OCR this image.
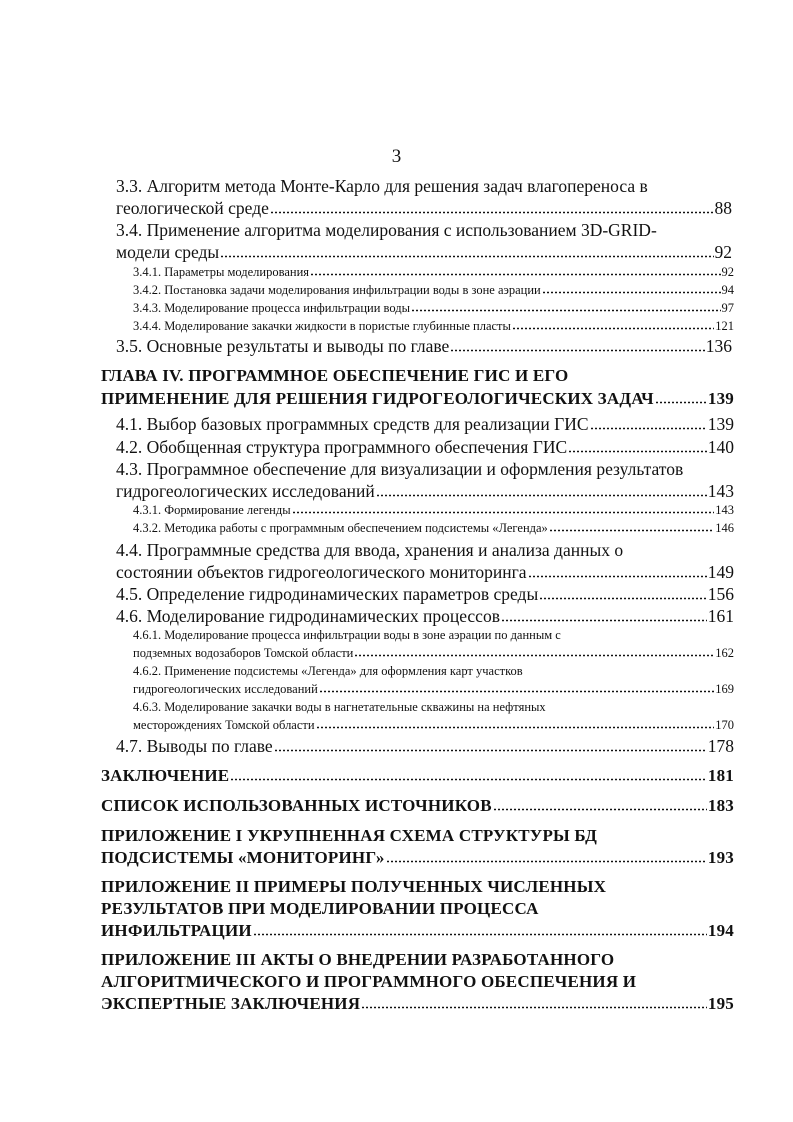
3
3.3. Алгоритм метода Монте-Карло для решения задач влагопереноса в
геологической среде	88
3.4. Применение алгоритма моделирования с использованием 3D-GRID-
модели среды	92
3.4.1. Параметры моделирования	92
3.4.2. Постановка задачи моделирования инфильтрации воды в зоне аэрации	94
3.4.3. Моделирование процесса инфильтрации воды	97
3.4.4. Моделирование закачки жидкости в пористые глубинные пласты	121
3.5. Основные результаты и выводы по главе	136
ГЛАВА IV. ПРОГРАММНОЕ ОБЕСПЕЧЕНИЕ ГИС И ЕГО
ПРИМЕНЕНИЕ ДЛЯ РЕШЕНИЯ ГИДРОГЕОЛОГИЧЕСКИХ ЗАДАЧ	139
4.1. Выбор базовых программных средств для реализации ГИС	139
4.2. Обобщенная структура программного обеспечения ГИС	140
4.3. Программное обеспечение для визуализации и оформления результатов
гидрогеологических исследований	143
4.3.1. Формирование легенды	143
4.3.2. Методика работы с программным обеспечением подсистемы «Легенда»	146
4.4. Программные средства для ввода, хранения и анализа данных о
состоянии объектов гидрогеологического мониторинга	149
4.5. Определение гидродинамических параметров среды	156
4.6. Моделирование гидродинамических процессов	161
4.6.1. Моделирование процесса инфильтрации воды в зоне аэрации по данным с
подземных водозаборов Томской области	162
4.6.2. Применение подсистемы «Легенда» для оформления карт участков
гидрогеологических исследований	169
4.6.3. Моделирование закачки воды в нагнетательные скважины на нефтяных
месторождениях Томской области	170
4.7. Выводы по главе	178
ЗАКЛЮЧЕНИЕ	181
СПИСОК ИСПОЛЬЗОВАННЫХ ИСТОЧНИКОВ	183
ПРИЛОЖЕНИЕ I УКРУПНЕННАЯ СХЕМА СТРУКТУРЫ БД
ПОДСИСТЕМЫ «МОНИТОРИНГ»	193
ПРИЛОЖЕНИЕ II ПРИМЕРЫ ПОЛУЧЕННЫХ ЧИСЛЕННЫХ
РЕЗУЛЬТАТОВ ПРИ МОДЕЛИРОВАНИИ ПРОЦЕССА
ИНФИЛЬТРАЦИИ	194
ПРИЛОЖЕНИЕ III АКТЫ О ВНЕДРЕНИИ РАЗРАБОТАННОГО
АЛГОРИТМИЧЕСКОГО И ПРОГРАММНОГО ОБЕСПЕЧЕНИЯ И
ЭКСПЕРТНЫЕ ЗАКЛЮЧЕНИЯ	195
